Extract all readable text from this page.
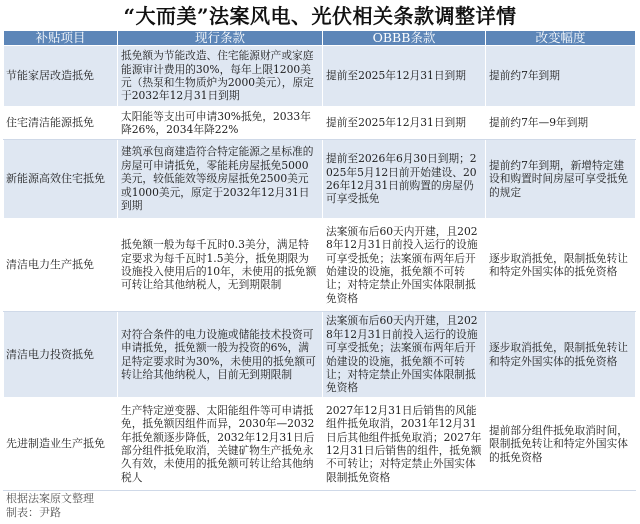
“大而美”法案风电、光伏相关条款调整详情
补贴项目	现行条款	OBBB条款	改变幅度
节能家居改造抵免	抵免额为节能改造、住宅能源财产或家庭能源审计费用的30%，每年上限1200美元（热泵和生物质炉为2000美元），原定于2032年12月31日到期	提前至2025年12月31日到期	提前约7年到期
住宅清洁能源抵免	太阳能等支出可申请30%抵免，2033年降26%，2034年降22%	提前至2025年12月31日到期	提前约7年—9年到期
新能源高效住宅抵免	建筑承包商建造符合特定能源之星标准的房屋可申请抵免，零能耗房屋抵免5000美元，较低能效等级房屋抵免2500美元或1000美元，原定于2032年12月31日到期	提前至2026年6月30日到期；2025年5月12日前开始建设、2026年12月31日前购置的房屋仍可享受抵免	提前约7年到期，新增特定建设和购置时间房屋可享受抵免的规定
清洁电力生产抵免	抵免额一般为每千瓦时0.3美分，满足特定要求为每千瓦时1.5美分，抵免期限为设施投入使用后的10年，未使用的抵免额可转让给其他纳税人，无到期限制	法案颁布后60天内开建，且2028年12月31日前投入运行的设施可享受抵免；法案颁布两年后开始建设的设施，抵免额不可转让；对特定禁止外国实体限制抵免资格	逐步取消抵免，限制抵免转让和特定外国实体的抵免资格
清洁电力投资抵免	对符合条件的电力设施或储能技术投资可申请抵免，抵免额一般为投资的6%，满足特定要求时为30%，未使用的抵免额可转让给其他纳税人，目前无到期限制	法案颁布后60天内开建，且2028年12月31日前投入运行的设施可享受抵免；法案颁布两年后开始建设的设施，抵免额不可转让；对特定禁止外国实体限制抵免资格	逐步取消抵免，限制抵免转让和特定外国实体的抵免资格
先进制造业生产抵免	生产特定逆变器、太阳能组件等可申请抵免，抵免额因组件而异，2030年—2032年抵免额逐步降低，2032年12月31日后部分组件抵免取消，关键矿物生产抵免永久有效，未使用的抵免额可转让给其他纳税人	2027年12月31日后销售的风能组件抵免取消，2031年12月31日后其他组件抵免取消；2027年12月31日后销售的组件，抵免额不可转让；对特定禁止外国实体限制抵免资格	提前部分组件抵免取消时间，限制抵免转让和特定外国实体的抵免资格
根据法案原文整理
制表：尹路
